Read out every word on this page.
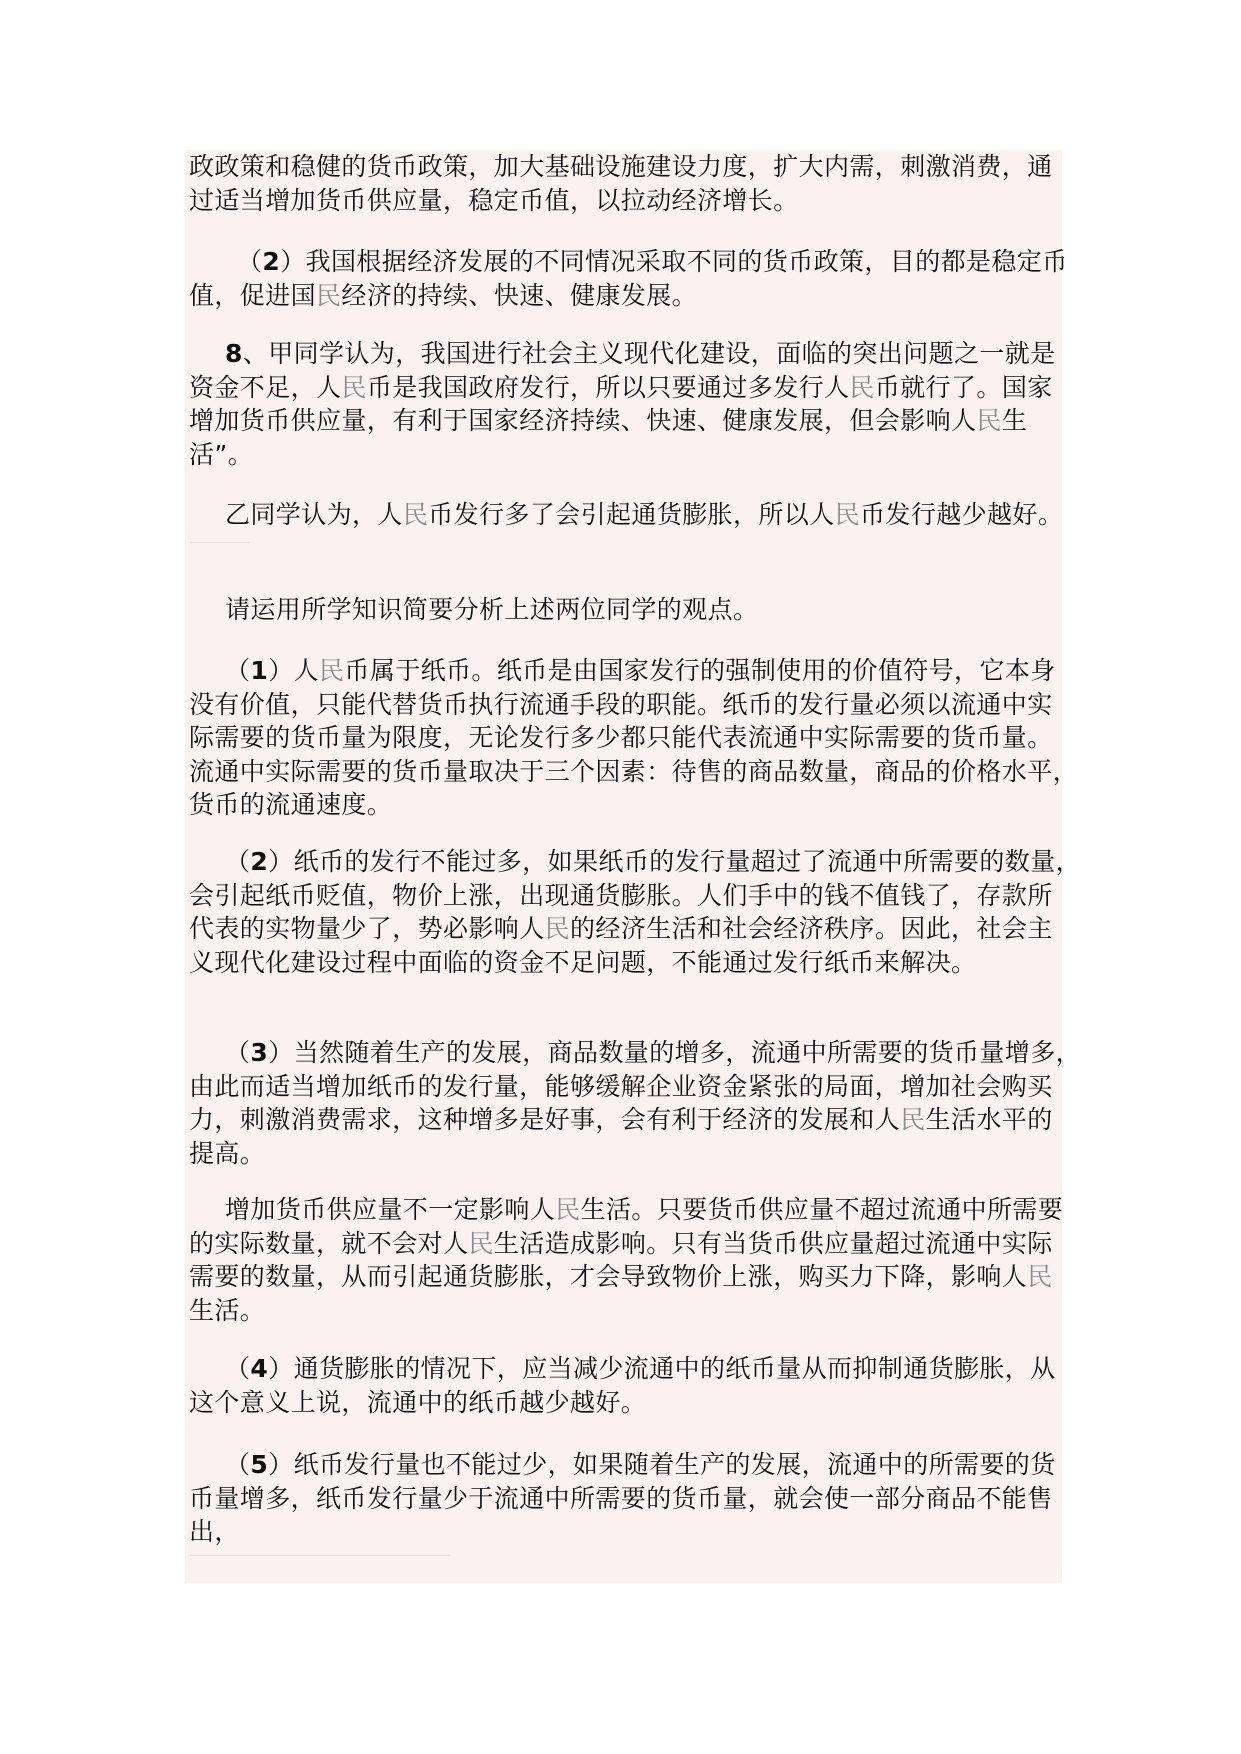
政政策和稳健的货币政策，加大基础设施建设力度，扩大内需，刺激消费，通
过适当增加货币供应量，稳定币值，以拉动经济增长。
（2）我国根据经济发展的不同情况采取不同的货币政策，目的都是稳定币
值，促进国民经济的持续、快速、健康发展。
8、甲同学认为，我国进行社会主义现代化建设，面临的突出问题之一就是
资金不足，人民币是我国政府发行，所以只要通过多发行人民币就行了。国家
增加货币供应量，有利于国家经济持续、快速、健康发展，但会影响人民生
活”。
乙同学认为，人民币发行多了会引起通货膨胀，所以人民币发行越少越好。
请运用所学知识简要分析上述两位同学的观点。
（1）人民币属于纸币。纸币是由国家发行的强制使用的价值符号，它本身
没有价值，只能代替货币执行流通手段的职能。纸币的发行量必须以流通中实
际需要的货币量为限度，无论发行多少都只能代表流通中实际需要的货币量。
流通中实际需要的货币量取决于三个因素：待售的商品数量，商品的价格水平，
货币的流通速度。
（2）纸币的发行不能过多，如果纸币的发行量超过了流通中所需要的数量，
会引起纸币贬值，物价上涨，出现通货膨胀。人们手中的钱不值钱了，存款所
代表的实物量少了，势必影响人民的经济生活和社会经济秩序。因此，社会主
义现代化建设过程中面临的资金不足问题，不能通过发行纸币来解决。
（3）当然随着生产的发展，商品数量的增多，流通中所需要的货币量增多，
由此而适当增加纸币的发行量，能够缓解企业资金紧张的局面，增加社会购买
力，刺激消费需求，这种增多是好事，会有利于经济的发展和人民生活水平的
提高。
增加货币供应量不一定影响人民生活。只要货币供应量不超过流通中所需要
的实际数量，就不会对人民生活造成影响。只有当货币供应量超过流通中实际
需要的数量，从而引起通货膨胀，才会导致物价上涨，购买力下降，影响人民
生活。
（4）通货膨胀的情况下，应当减少流通中的纸币量从而抑制通货膨胀，从
这个意义上说，流通中的纸币越少越好。
（5）纸币发行量也不能过少，如果随着生产的发展，流通中的所需要的货
币量增多，纸币发行量少于流通中所需要的货币量，就会使一部分商品不能售
出，
